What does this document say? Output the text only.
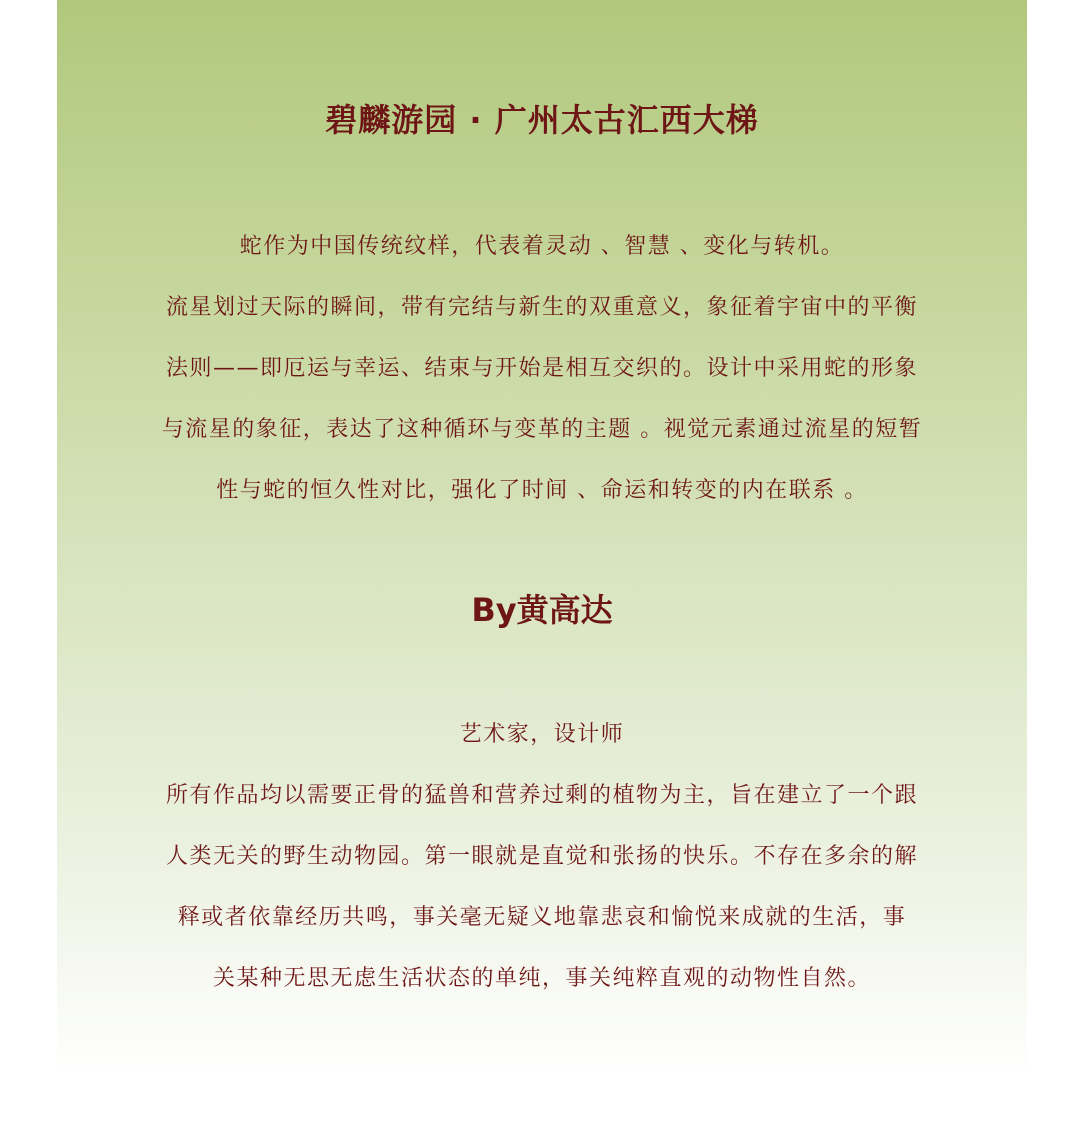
碧麟游园 · 广州太古汇西大梯
蛇作为中国传统纹样，代表着灵动 、智慧 、变化与转机。
流星划过天际的瞬间，带有完结与新生的双重意义，象征着宇宙中的平衡
法则——即厄运与幸运、结束与开始是相互交织的。设计中采用蛇的形象
与流星的象征，表达了这种循环与变革的主题 。视觉元素通过流星的短暂
性与蛇的恒久性对比，强化了时间 、命运和转变的内在联系 。
By黄高达
艺术家，设计师
所有作品均以需要正骨的猛兽和营养过剩的植物为主，旨在建立了一个跟
人类无关的野生动物园。第一眼就是直觉和张扬的快乐。不存在多余的解
释或者依靠经历共鸣，事关毫无疑义地靠悲哀和愉悦来成就的生活，事
关某种无思无虑生活状态的单纯，事关纯粹直观的动物性自然。
